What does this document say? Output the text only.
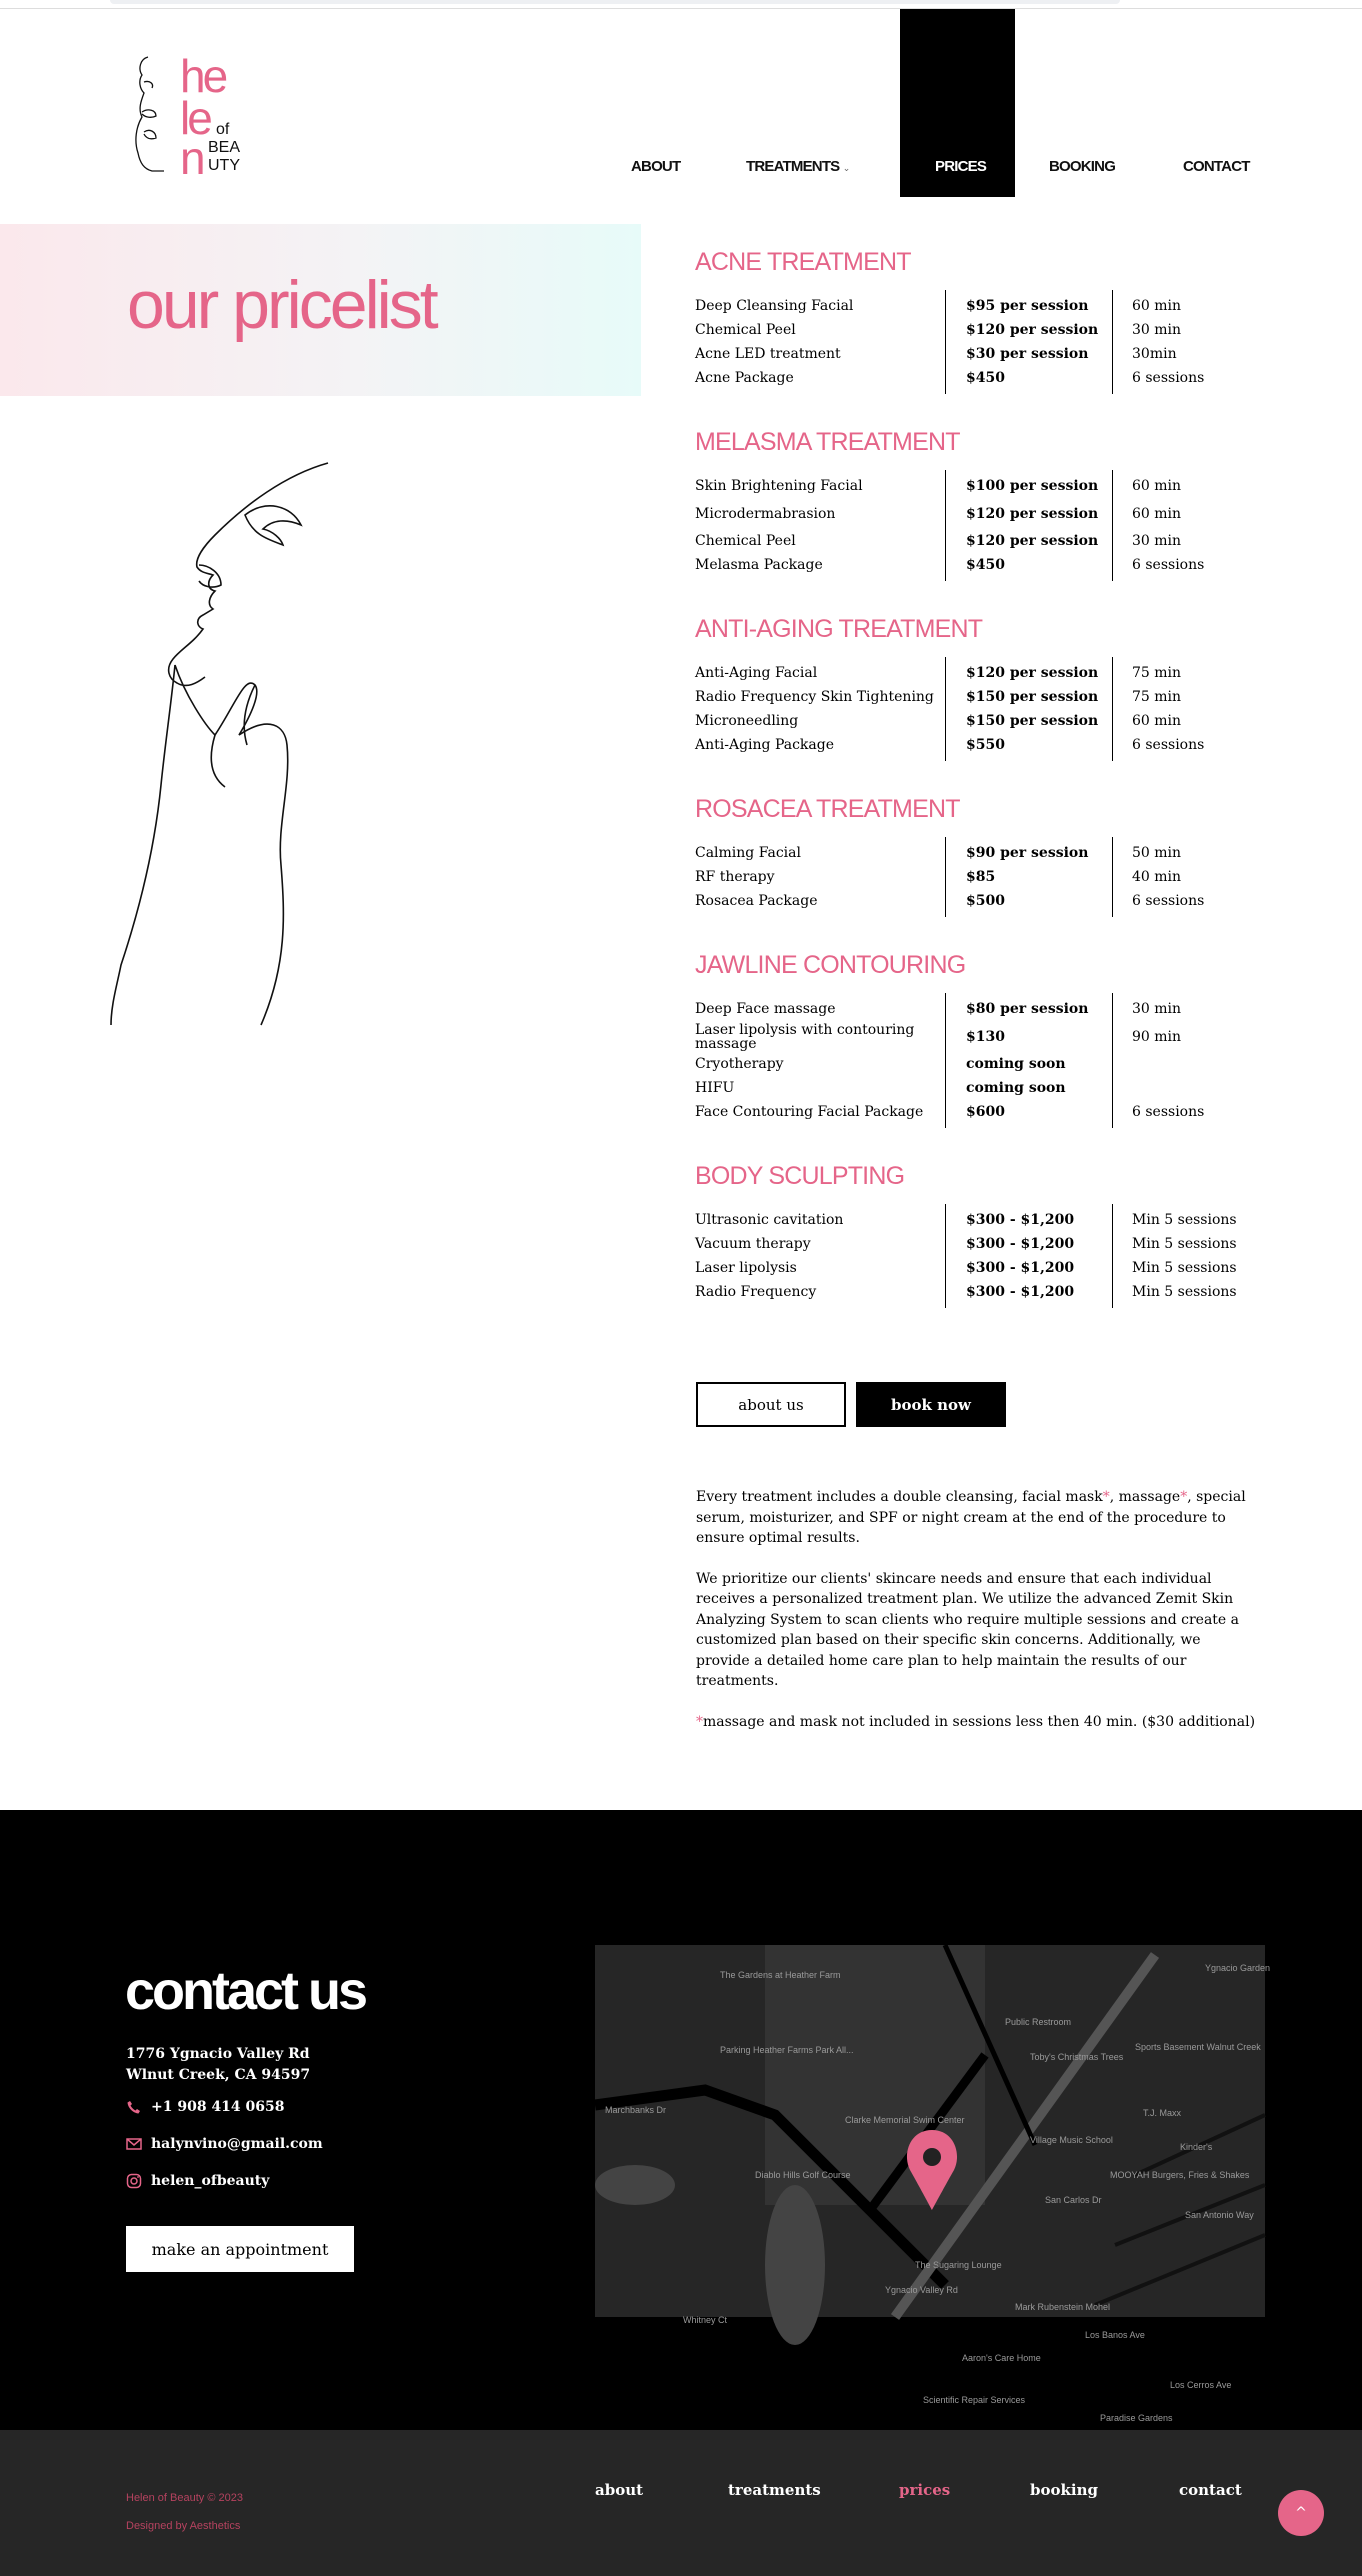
he
le
n
of
BEA
UTY	ABOUT	TREATMENTS ⌄	PRICES	BOOKING	CONTACT
our pricelist
ACNE TREATMENT
Deep Cleansing Facial	$95 per session	60 min
Chemical Peel	$120 per session	30 min
Acne LED treatment	$30 per session	30min
Acne Package	$450	6 sessions
MELASMA TREATMENT
Skin Brightening Facial	$100 per session	60 min
Microdermabrasion	$120 per session	60 min
Chemical Peel	$120 per session	30 min
Melasma Package	$450	6 sessions
ANTI-AGING TREATMENT
Anti-Aging Facial	$120 per session	75 min
Radio Frequency Skin Tightening	$150 per session	75 min
Microneedling	$150 per session	60 min
Anti-Aging Package	$550	6 sessions
ROSACEA TREATMENT
Calming Facial	$90 per session	50 min
RF therapy	$85	40 min
Rosacea Package	$500	6 sessions
JAWLINE CONTOURING
Deep Face massage	$80 per session	30 min
Laser lipolysis with contouring massage	$130	90 min
Cryotherapy	coming soon
HIFU	coming soon
Face Contouring Facial Package	$600	6 sessions
BODY SCULPTING
Ultrasonic cavitation	$300 - $1,200	Min 5 sessions
Vacuum therapy	$300 - $1,200	Min 5 sessions
Laser lipolysis	$300 - $1,200	Min 5 sessions
Radio Frequency	$300 - $1,200	Min 5 sessions
about us	book now

Every treatment includes a double cleansing, facial mask*, massage*, special serum, moisturizer, and SPF or night cream at the end of the procedure to ensure optimal results.

We prioritize our clients' skincare needs and ensure that each individual receives a personalized treatment plan. We utilize the advanced Zemit Skin Analyzing System to scan clients who require multiple sessions and create a customized plan based on their specific skin concerns. Additionally, we provide a detailed home care plan to help maintain the results of our treatments.

*massage and mask not included in sessions less then 40 min. ($30 additional)

contact us
1776 Ygnacio Valley Rd
Wlnut Creek, CA 94597
+1 908 414 0658
halynvino@gmail.com
helen_ofbeauty
make an appointment
The Gardens at Heather Farm
Parking Heather Farms Park All...
Clarke Memorial Swim Center
Marchbanks Dr
Diablo Hills Golf Course
The Sugaring Lounge
Public Restroom
Toby's Christmas Trees
Sports Basement Walnut Creek
T.J. Maxx
Village Music School
Kinder's
MOOYAH Burgers, Fries & Shakes
San Carlos Dr
Ygnacio Valley Rd
Mark Rubenstein Mohel
Aaron's Care Home
Scientific Repair Services
Paradise Gardens
Los Banos Ave
Los Cerros Ave
San Antonio Way
Whitney Ct
Ygnacio Garden
Helen of Beauty © 2023
Designed by Aesthetics
about	treatments	prices	booking	contact
^
